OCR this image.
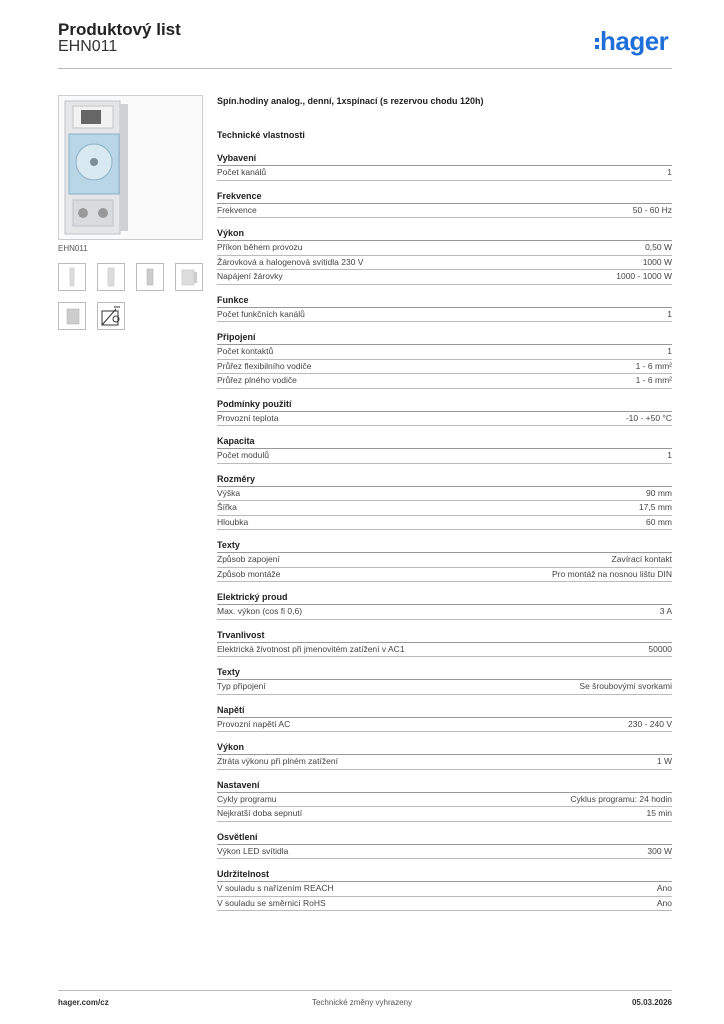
Produktový list
EHN011	hager
EHN011
Spín.hodiny analog., denní, 1xspínací (s rezervou chodu 120h)
Technické vlastnosti
Vybavení
Počet kanálů	1
Frekvence
Frekvence	50 - 60 Hz
Výkon
Příkon během provozu	0,50 W
Žárovková a halogenová svítidla 230 V	1000 W
Napájení žárovky	1000 - 1000 W
Funkce
Počet funkčních kanálů	1
Připojení
Počet kontaktů	1
Průřez flexibilního vodiče	1 - 6 mm²
Průřez plného vodiče	1 - 6 mm²
Podmínky použití
Provozní teplota	-10 - +50 °C
Kapacita
Počet modulů	1
Rozměry
Výška	90 mm
Šířka	17,5 mm
Hloubka	60 mm
Texty
Způsob zapojení	Zavírací kontakt
Způsob montáže	Pro montáž na nosnou lištu DIN
Elektrický proud
Max. výkon (cos fi 0,6)	3 A
Trvanlivost
Elektrická životnost při jmenovitém zatížení v AC1	50000
Texty
Typ připojení	Se šroubovými svorkami
Napětí
Provozní napětí AC	230 - 240 V
Výkon
Ztráta výkonu při plném zatížení	1 W
Nastavení
Cykly programu	Cyklus programu: 24 hodin
Nejkratší doba sepnutí	15 min
Osvětlení
Výkon LED svítidla	300 W
Udržitelnost
V souladu s nařízením REACH	Ano
V souladu se směrnicí RoHS	Ano
hager.com/cz	Technické změny vyhrazeny	05.03.2026
